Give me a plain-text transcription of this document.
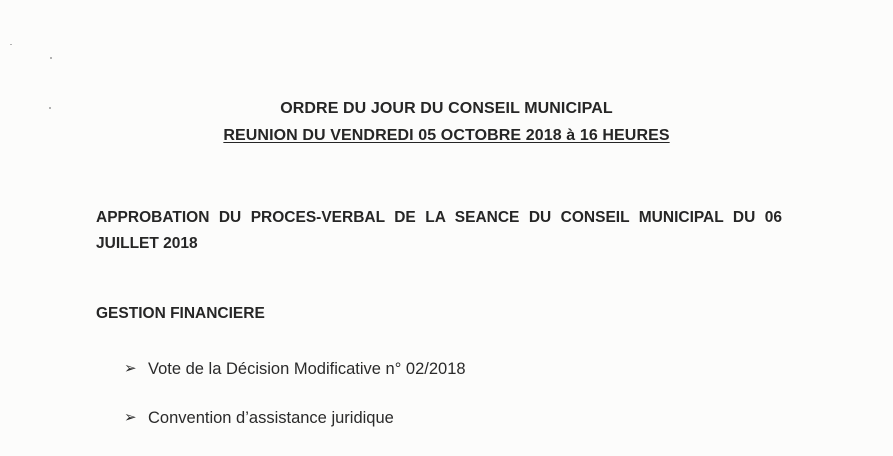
ORDRE DU JOUR DU CONSEIL MUNICIPAL
REUNION DU VENDREDI 05 OCTOBRE 2018 à 16 HEURES
APPROBATION DU PROCES-VERBAL DE LA SEANCE DU CONSEIL MUNICIPAL DU 06 JUILLET 2018
GESTION FINANCIERE
➢ Vote de la Décision Modificative n° 02/2018
➢ Convention d’assistance juridique
